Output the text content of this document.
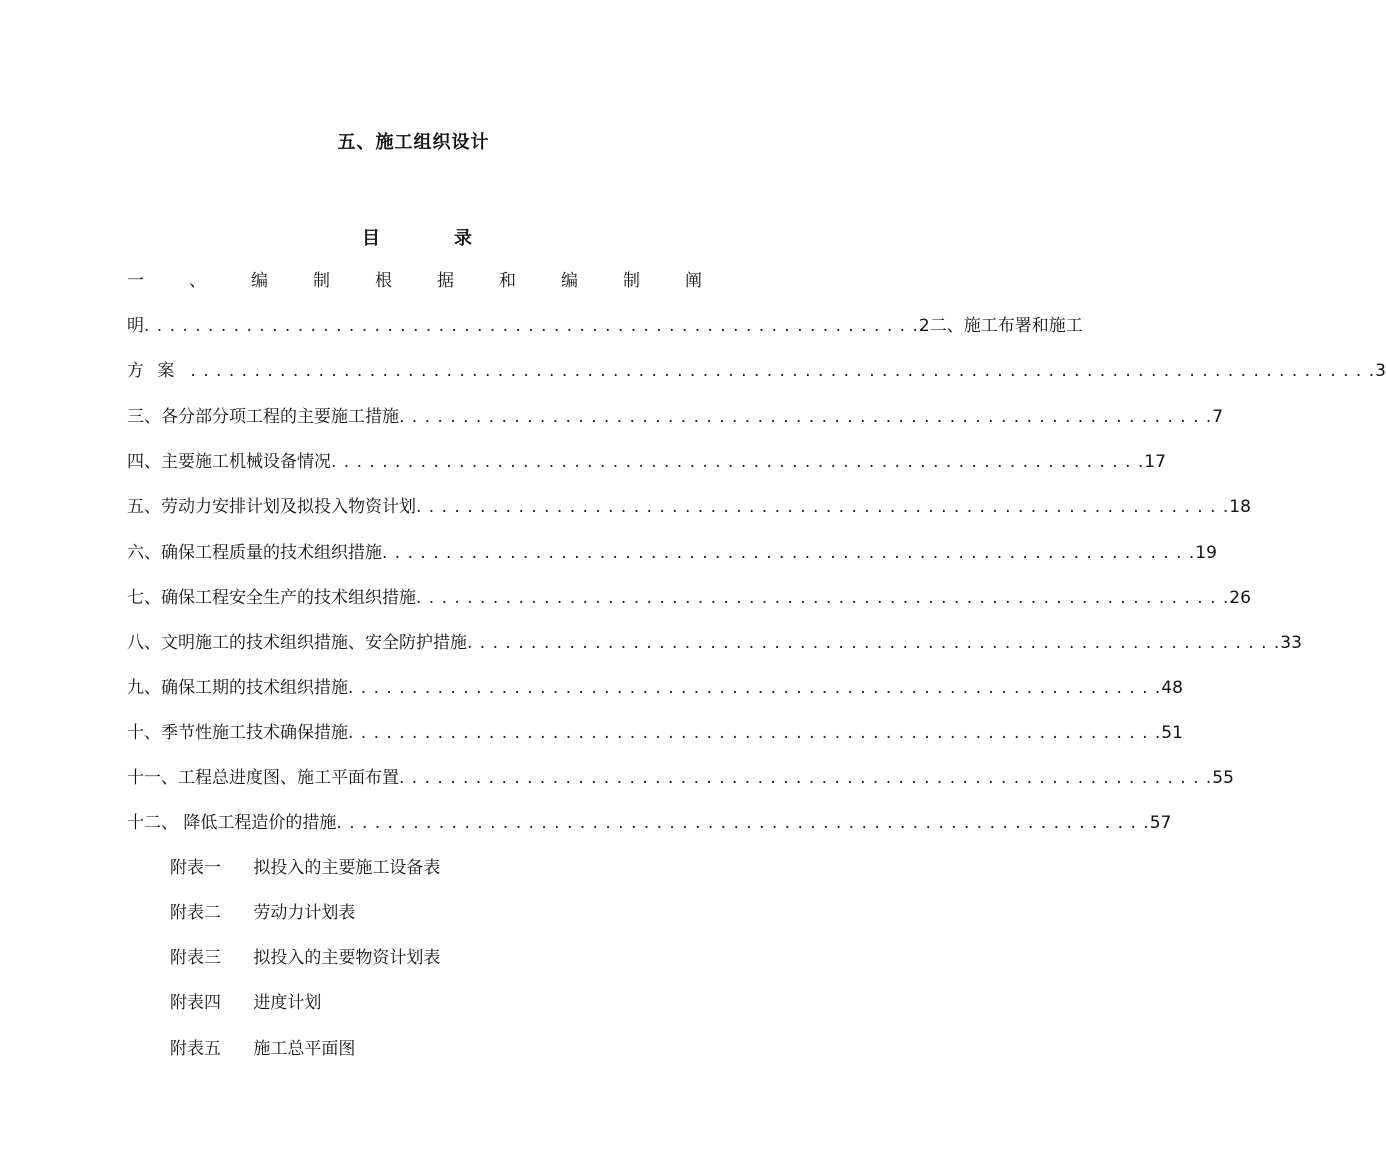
五、施工组织设计
目	录
一	、	编	制	根	据	和	编	制	阐
明 . . . . . . . . . . . . . . . . . . . . . . . . . . . . . . . . . . . . . . . . . . . . . . . . . . . . . . . . . . . . . 2二、施工布署和施工
方 案 . . . . . . . . . . . . . . . . . . . . . . . . . . . . . . . . . . . . . . . . . . . . . . . . . . . . . . . . . . . . . . . . . . . . . . . . . . . . . . . . . . . . . . . . . . . . . 3
三、各分部分项工程的主要施工措施 . . . . . . . . . . . . . . . . . . . . . . . . . . . . . . . . . . . . . . . . . . . . . . . . . . . . . . . . . . . . . . . . 7
四、主要施工机械设备情况 . . . . . . . . . . . . . . . . . . . . . . . . . . . . . . . . . . . . . . . . . . . . . . . . . . . . . . . . . . . . . . . . 17
五、劳动力安排计划及拟投入物资计划 . . . . . . . . . . . . . . . . . . . . . . . . . . . . . . . . . . . . . . . . . . . . . . . . . . . . . . . . . . . . . . . . 18
六、确保工程质量的技术组织措施 . . . . . . . . . . . . . . . . . . . . . . . . . . . . . . . . . . . . . . . . . . . . . . . . . . . . . . . . . . . . . . . . 19
七、确保工程安全生产的技术组织措施 . . . . . . . . . . . . . . . . . . . . . . . . . . . . . . . . . . . . . . . . . . . . . . . . . . . . . . . . . . . . . . . . 26
八、文明施工的技术组织措施、安全防护措施 . . . . . . . . . . . . . . . . . . . . . . . . . . . . . . . . . . . . . . . . . . . . . . . . . . . . . . . . . . . . . . . . 33
九、确保工期的技术组织措施 . . . . . . . . . . . . . . . . . . . . . . . . . . . . . . . . . . . . . . . . . . . . . . . . . . . . . . . . . . . . . . . . 48
十、季节性施工技术确保措施 . . . . . . . . . . . . . . . . . . . . . . . . . . . . . . . . . . . . . . . . . . . . . . . . . . . . . . . . . . . . . . . . 51
十一、工程总进度图、施工平面布置 . . . . . . . . . . . . . . . . . . . . . . . . . . . . . . . . . . . . . . . . . . . . . . . . . . . . . . . . . . . . . . . . 55
十二、 降低工程造价的措施 . . . . . . . . . . . . . . . . . . . . . . . . . . . . . . . . . . . . . . . . . . . . . . . . . . . . . . . . . . . . . . . . 57
附表一 拟投入的主要施工设备表
附表二 劳动力计划表
附表三 拟投入的主要物资计划表
附表四 进度计划
附表五 施工总平面图
